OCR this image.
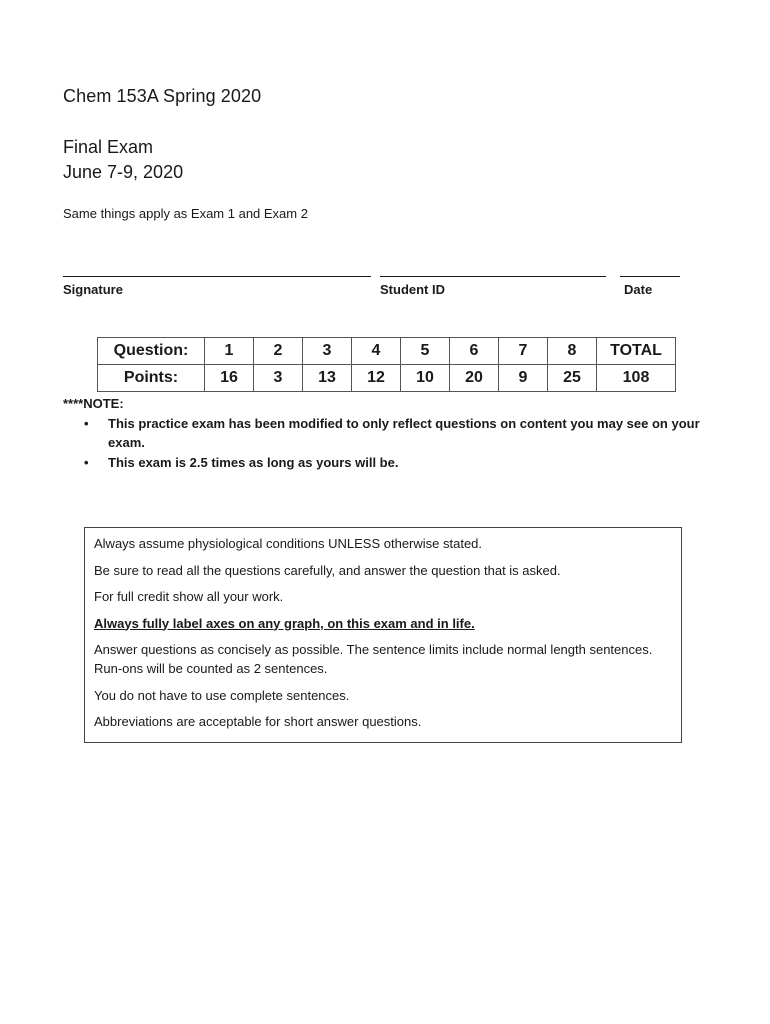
Chem 153A Spring 2020
Final Exam
June 7-9, 2020
Same things apply as Exam 1 and Exam 2
Signature	Student ID	Date
Question:	1	2	3	4	5	6	7	8	TOTAL
Points:	16	3	13	12	10	20	9	25	108
****NOTE:
• This practice exam has been modified to only reflect questions on content you may see on your exam.
• This exam is 2.5 times as long as yours will be.

Always assume physiological conditions UNLESS otherwise stated.

Be sure to read all the questions carefully, and answer the question that is asked.

For full credit show all your work.

Always fully label axes on any graph, on this exam and in life.

Answer questions as concisely as possible. The sentence limits include normal length sentences. Run-ons will be counted as 2 sentences.

You do not have to use complete sentences.

Abbreviations are acceptable for short answer questions.
